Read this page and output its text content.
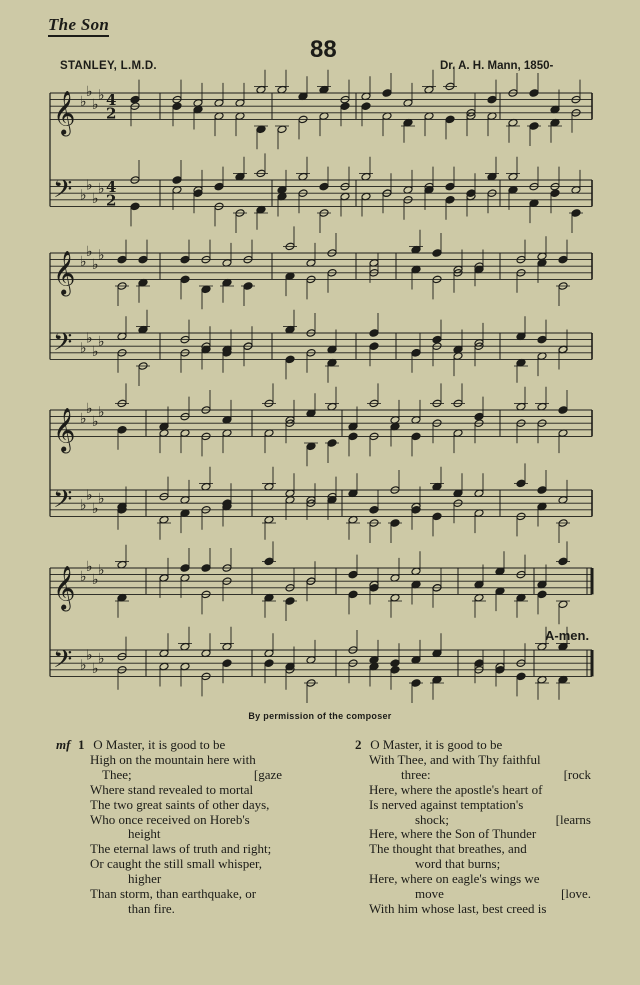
The Son
88
STANLEY, L.M.D.	Dr. A. H. Mann, 1850-
𝄞 ♭
♭
♭
♭ 4
2
𝄢 ♭
♭
♭
♭ 4
2
𝄞 ♭
♭
♭
♭
𝄢 ♭
♭
♭
♭
𝄞 ♭
♭
♭
♭
𝄢 ♭
♭
♭
♭
𝄞 ♭
♭
♭
♭
𝄢 ♭
♭
♭
♭
A-men.
By permission of the composer
mf 1 O Master, it is good to be
High on the mountain here with
Thee;	[gaze
Where stand revealed to mortal
The two great saints of other days,
Who once received on Horeb's
height
The eternal laws of truth and right;
Or caught the still small whisper,
higher
Than storm, than earthquake, or
than fire.
2 O Master, it is good to be
With Thee, and with Thy faithful
three:	[rock
Here, where the apostle's heart of
Is nerved against temptation's
shock;	[learns
Here, where the Son of Thunder
The thought that breathes, and
word that burns;
Here, where on eagle's wings we
move	[love.
With him whose last, best creed is
